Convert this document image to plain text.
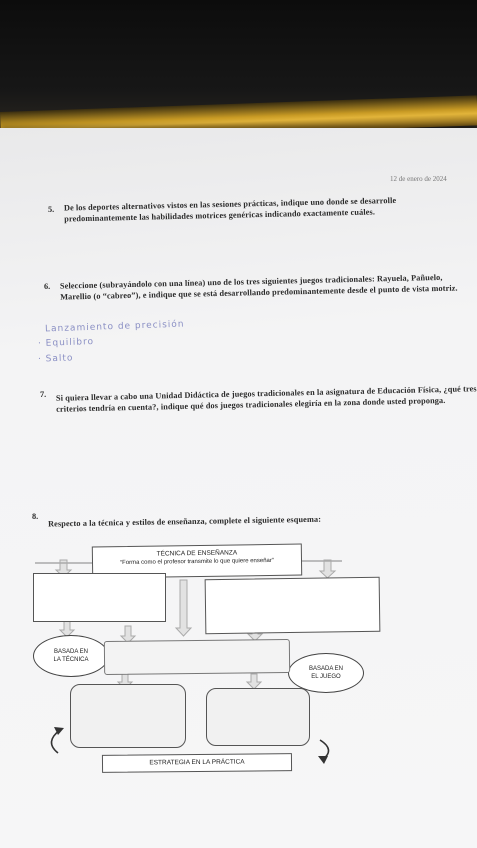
12 de enero de 2024
5. De los deportes alternativos vistos en las sesiones prácticas, indique uno donde se desarrolle predominantemente las habilidades motrices genéricas indicando exactamente cuáles.
6. Seleccione (subrayándolo con una línea) uno de los tres siguientes juegos tradicionales: Rayuela, Pañuelo, Marellio (o “cabreo”), e indique que se está desarrollando predominantemente desde el punto de vista motriz.
Lanzamiento de precisión
· Equilibro
· Salto
7. Si quiera llevar a cabo una Unidad Didáctica de juegos tradicionales en la asignatura de Educación Física, ¿qué tres criterios tendría en cuenta?, indique qué dos juegos tradicionales elegiría en la zona donde usted proponga.
8. Respecto a la técnica y estilos de enseñanza, complete el siguiente esquema:
TÉCNICA DE ENSEÑANZA
“Forma como el profesor transmite lo que quiere enseñar”
BASADA EN
LA TÉCNICA
BASADA EN
EL JUEGO
ESTRATEGIA EN LA PRÁCTICA
